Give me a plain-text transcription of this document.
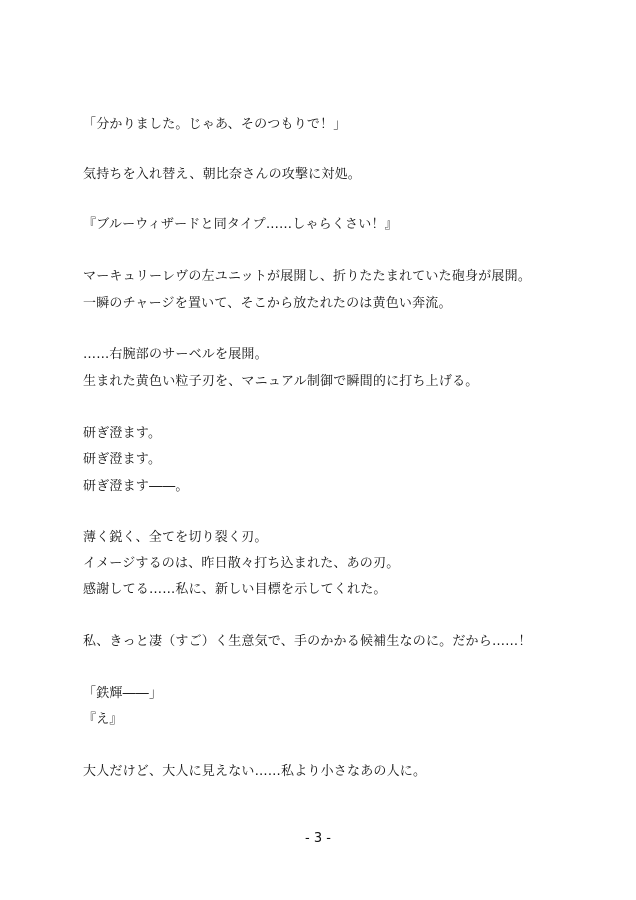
「分かりました。じゃあ、そのつもりで！」
気持ちを入れ替え、朝比奈さんの攻撃に対処。
『ブルーウィザードと同タイプ……しゃらくさい！』
マーキュリーレヴの左ユニットが展開し、折りたたまれていた砲身が展開。
一瞬のチャージを置いて、そこから放たれたのは黄色い奔流。
……右腕部のサーベルを展開。
生まれた黄色い粒子刃を、マニュアル制御で瞬間的に打ち上げる。
研ぎ澄ます。
研ぎ澄ます。
研ぎ澄ます――。
薄く鋭く、全てを切り裂く刃。
イメージするのは、昨日散々打ち込まれた、あの刃。
感謝してる……私に、新しい目標を示してくれた。
私、きっと凄（すご）く生意気で、手のかかる候補生なのに。だから……！
「鉄輝――」
『え』
大人だけど、大人に見えない……私より小さなあの人に。
- 3 -
